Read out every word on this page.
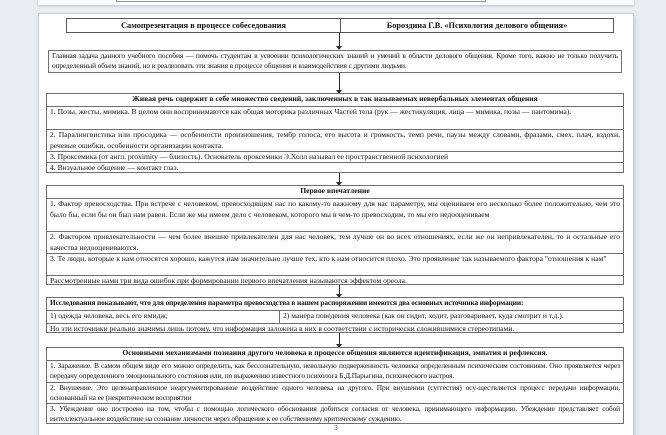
Самопрезентация в процессе собеседования	Бороздина Г.В. «Психология делового общения»
Главная задача данного учебного пособия — помочь студентам в усвоении психологических знаний и умений в области делового общения. Кроме того, важно не только получить определенный объем знаний, но и реализовать эти знания в процессе общения и взаимодействия с другими людьми.
Живая речь содержит в себе множество сведений, заключенных в так называемых невербальных элементах общения
1. Позы, жесты, мимика. В целом они воспринимаются как общая моторика различных Частей тела (рук — жестикуляция, лица — мимика, позы — пантомима).
2. Паралингвистика или просодика — особенности произношения, тембр голоса, его высота и громкость, темп речи, паузы между словами, фразами, смех, плач, вздохи, речевые ошибки, особенности организации контакта.
3. Проксемика (от англ. proximity — близость). Основатель проксемики Э.Холл называл ее пространственной психологией
4. Визуальное общение — контакт глаз.
Первое впечатление
1. Фактор превосходства. При встрече с человеком, превосходящим нас по какому-то важному для нас параметру, мы оцениваем его несколько более положительно, чем это было бы, если бы он был нам равен. Если же мы имеем дело с человеком, которого мы в чем-то превосходим, то мы его недооцениваем
2. Фактором привлекательности — чем более внешне привлекателен для нас человек, тем лучше он во всех отношениях, если же он непривлекателен, то и остальные его качества недооцениваются.
3. Те люди, которые к нам относятся хорошо, кажутся нам значительно лучше тех, кто к нам относится плохо. Это проявление так называемого фактора "отношения к нам"
Рассмотренные нами три вида ошибок при формировании первого впечатления называются эффектом ореола.
Исследования показывают, что для определения параметра превосходства в нашем распоряжении имеются два основных источника информации:
1) одежда человека, весь его имидж;	2) манера поведения человека (как он сидит, ходит, разговаривает, куда смотрит и т.д.).
Но эти источники реально значимы лишь потому, что информация заложена в них в соответствии с исторически сложившимися стереотипами.
Основными механизмами познания другого человека в процессе общения являются идентификация, эмпатия и рефлексия.
1. Заражение. В самом общем виде его можно определить, как бессознательную, невольную подверженность человека определенным психическим состояниям. Оно проявляется через передачу определенного эмоционального состояния или, по выражению известного психолога Б.Д.Парыгина, психического настроя.
2. Внушение. Это целенаправленное неаргументированное воздействие одного человека на другого. При внушении (суггестия) осу-ществляется процесс передачи информации, основанный на ее (некритическом восприятии
3. Убеждение оно построено на том, чтобы с помощью логического обоснования добиться согласия от человека, принимающего информацию. Убеждение представляет собой интеллектуальное воздействие на сознание личности через обращение к ее собственному критическому суждению.
3
